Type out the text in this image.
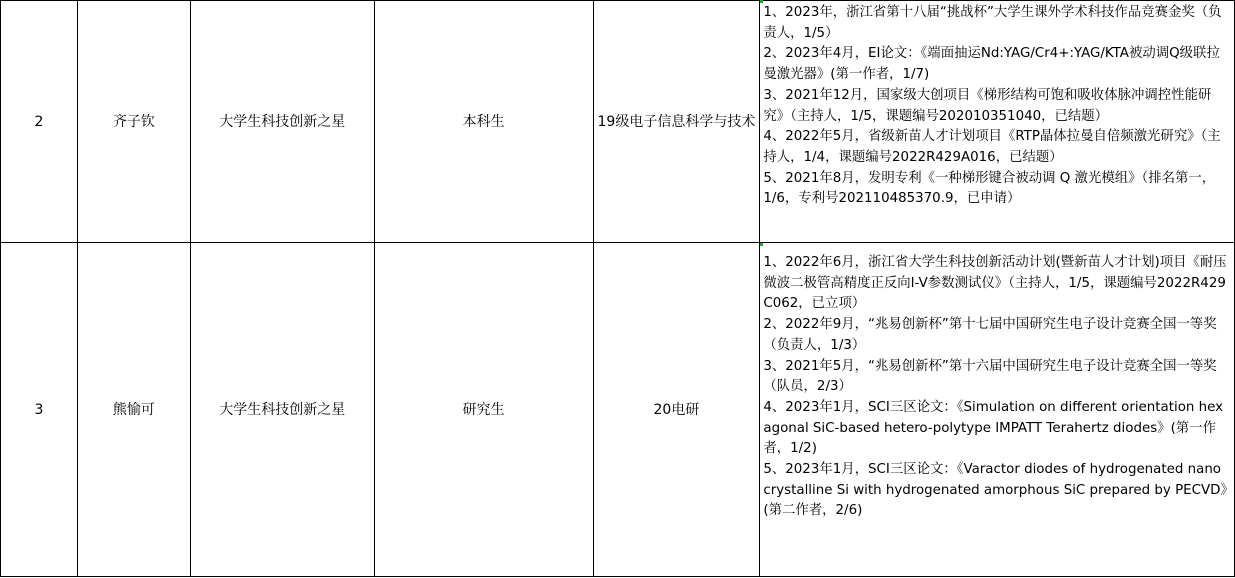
2	齐子钦	大学生科技创新之星	本科生	19级电子信息科学与技术	1、2023年，浙江省第十八届“挑战杯”大学生课外学术科技作品竞赛金奖（负责人，1/5）
2、2023年4月，EI论文：《端面抽运Nd:YAG/Cr4+:YAG/KTA被动调Q级联拉曼激光器》(第一作者，1/7)
3、2021年12月，国家级大创项目《梯形结构可饱和吸收体脉冲调控性能研究》（主持人，1/5，课题编号202010351040，已结题）
4、2022年5月，省级新苗人才计划项目《RTP晶体拉曼自倍频激光研究》（主持人，1/4，课题编号2022R429A016，已结题）
5、2021年8月，发明专利《一种梯形键合被动调 Q 激光模组》（排名第一，1/6，专利号202110485370.9，已申请）

3	熊愉可	大学生科技创新之星	研究生	20电研	1、2022年6月，浙江省大学生科技创新活动计划(暨新苗人才计划)项目《耐压微波二极管高精度正反向I-V参数测试仪》（主持人，1/5，课题编号2022R429C062，已立项）
2、2022年9月，“兆易创新杯”第十七届中国研究生电子设计竞赛全国一等奖（负责人，1/3）
3、2021年5月，“兆易创新杯”第十六届中国研究生电子设计竞赛全国一等奖（队员，2/3）
4、2023年1月，SCI三区论文：《Simulation on different orientation hexagonal SiC-based hetero-polytype IMPATT Terahertz diodes》(第一作者，1/2)
5、2023年1月，SCI三区论文：《Varactor diodes of hydrogenated nanocrystalline Si with hydrogenated amorphous SiC prepared by PECVD》(第二作者，2/6)
